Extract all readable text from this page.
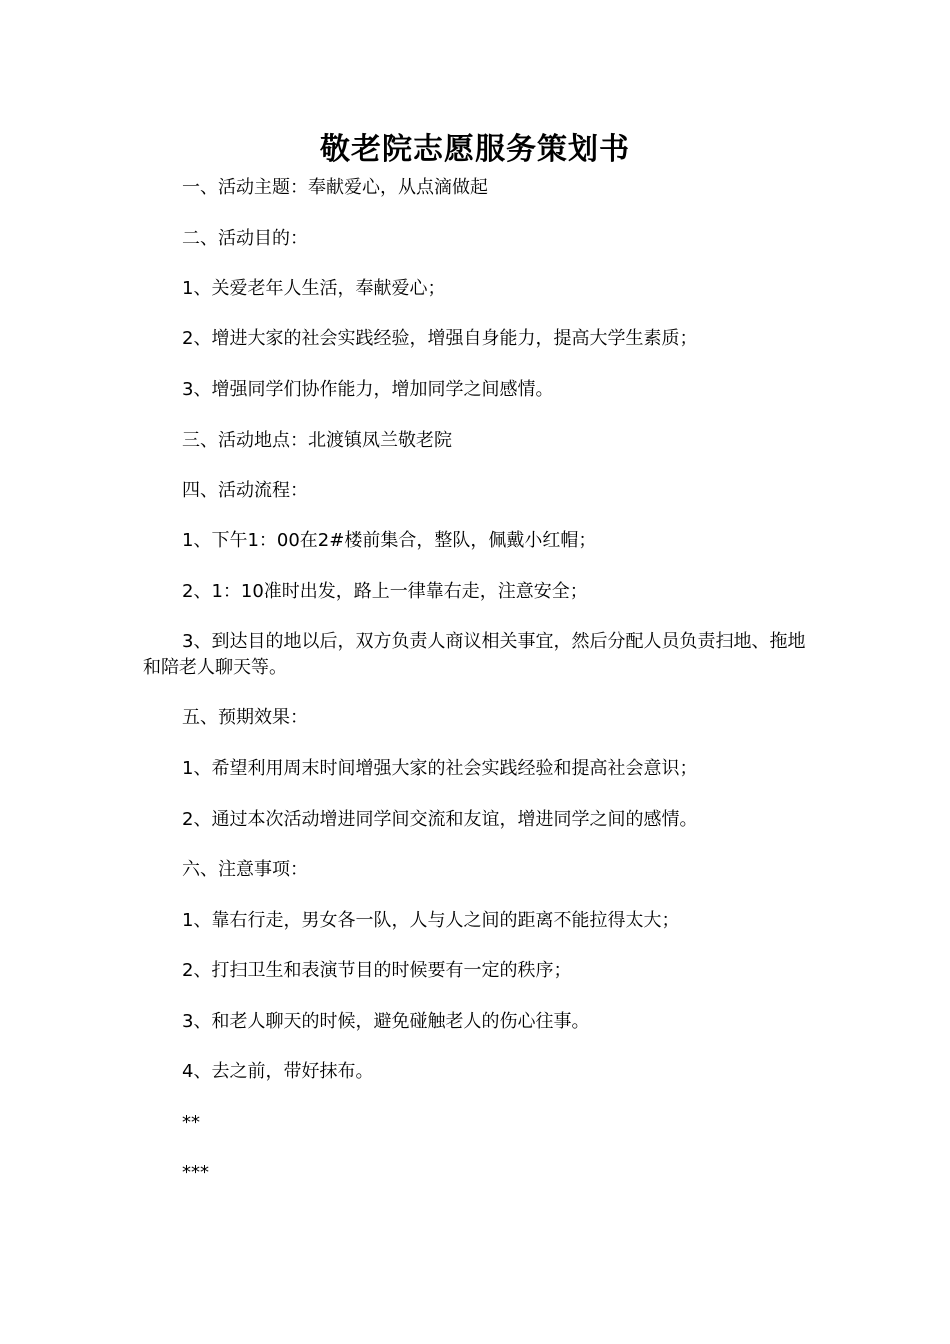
敬老院志愿服务策划书
一、活动主题：奉献爱心，从点滴做起
二、活动目的：
1、关爱老年人生活，奉献爱心；
2、增进大家的社会实践经验，增强自身能力，提高大学生素质；
3、增强同学们协作能力，增加同学之间感情。
三、活动地点：北渡镇凤兰敬老院
四、活动流程：
1、下午1：00在2#楼前集合，整队，佩戴小红帽；
2、1：10准时出发，路上一律靠右走，注意安全；
3、到达目的地以后，双方负责人商议相关事宜，然后分配人员负责扫地、拖地和陪老人聊天等。
五、预期效果：
1、希望利用周末时间增强大家的社会实践经验和提高社会意识；
2、通过本次活动增进同学间交流和友谊，增进同学之间的感情。
六、注意事项：
1、靠右行走，男女各一队，人与人之间的距离不能拉得太大；
2、打扫卫生和表演节目的时候要有一定的秩序；
3、和老人聊天的时候，避免碰触老人的伤心往事。
4、去之前，带好抹布。
**
***
